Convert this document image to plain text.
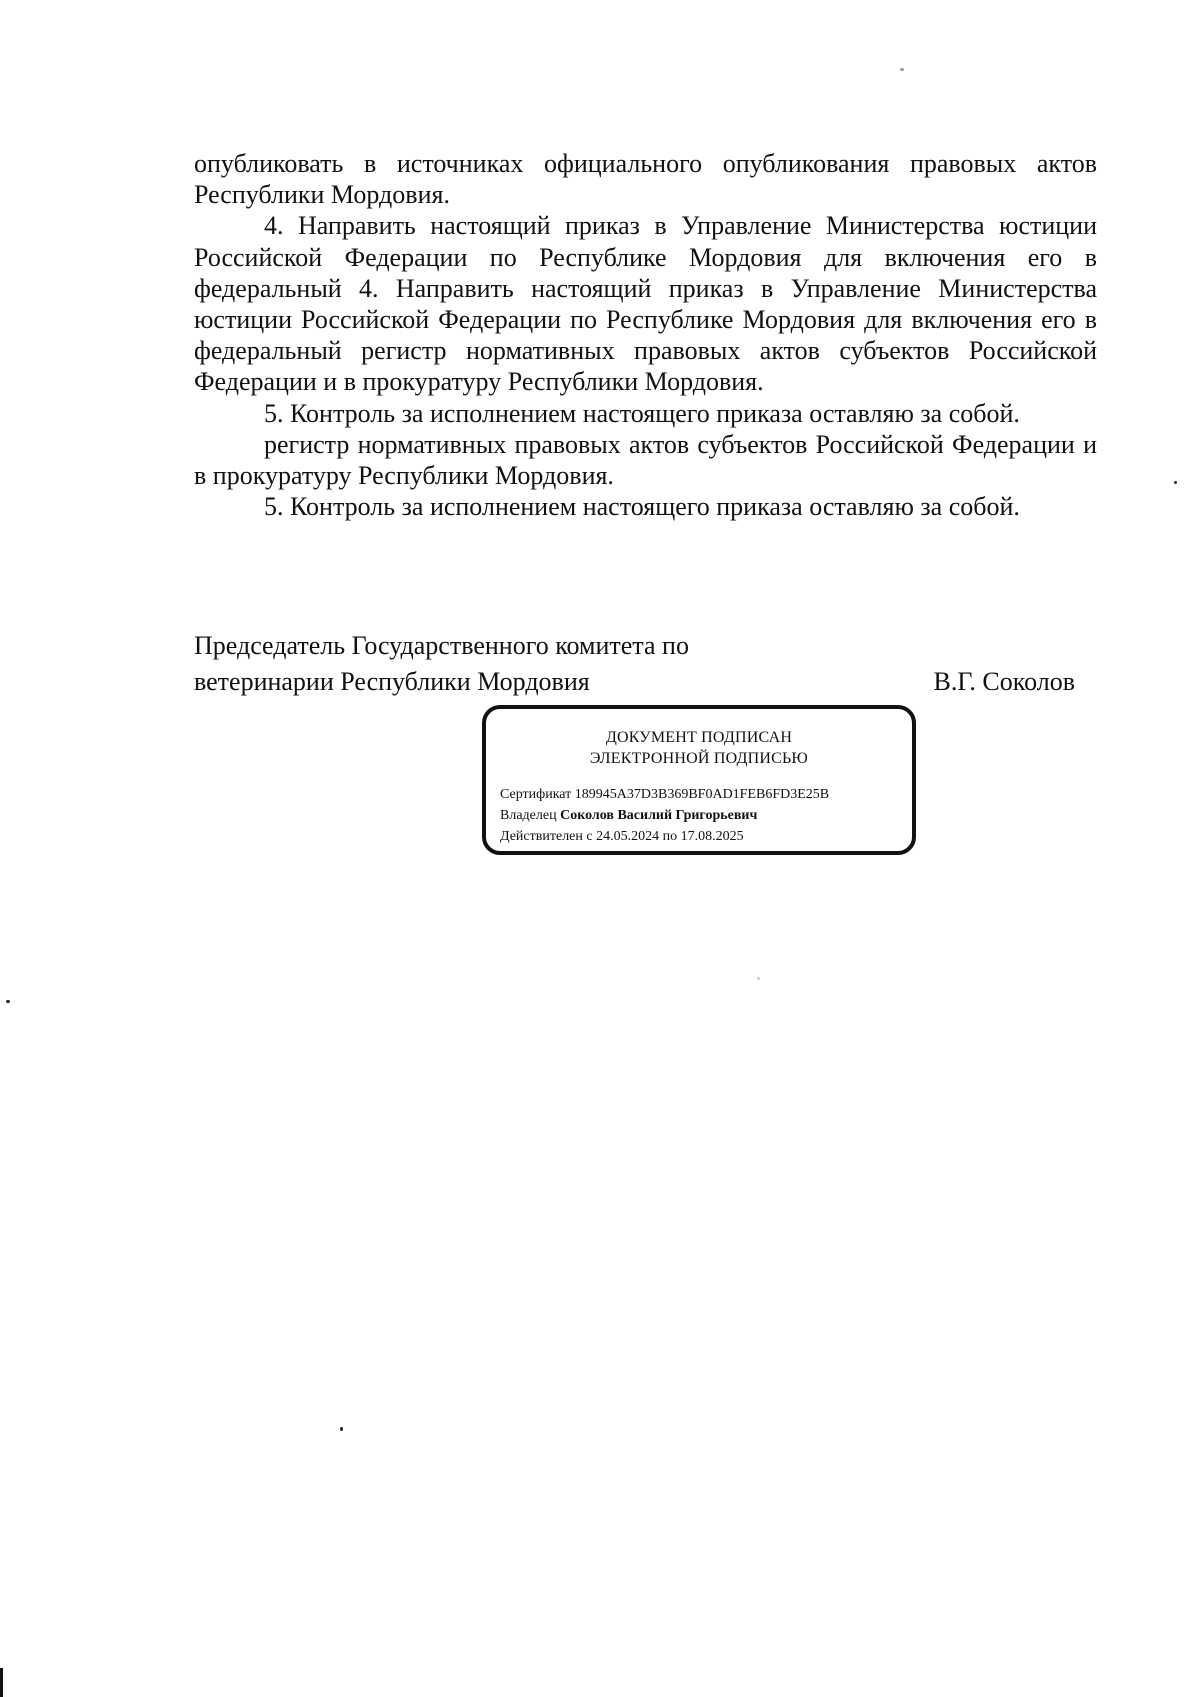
опубликовать в источниках официального опубликования правовых актов Республики Мордовия.

4. Направить настоящий приказ в Управление Министерства юстиции Российской Федерации по Республике Мордовия для включения его в федеральный 4. Направить настоящий приказ в Управление Министерства юстиции Российской Федерации по Республике Мордовия для включения его в федеральный регистр нормативных правовых актов субъектов Российской Федерации и в прокуратуру Республики Мордовия.

5. Контроль за исполнением настоящего приказа оставляю за собой.

регистр нормативных правовых актов субъектов Российской Федерации и в прокуратуру Республики Мордовия.

5. Контроль за исполнением настоящего приказа оставляю за собой.

Председатель Государственного комитета по
ветеринарии Республики Мордовия	В.Г. Соколов
ДОКУМЕНТ ПОДПИСАН
ЭЛЕКТРОННОЙ ПОДПИСЬЮ
Сертификат 189945A37D3B369BF0AD1FEB6FD3E25B
Владелец Соколов Василий Григорьевич
Действителен с 24.05.2024 по 17.08.2025
